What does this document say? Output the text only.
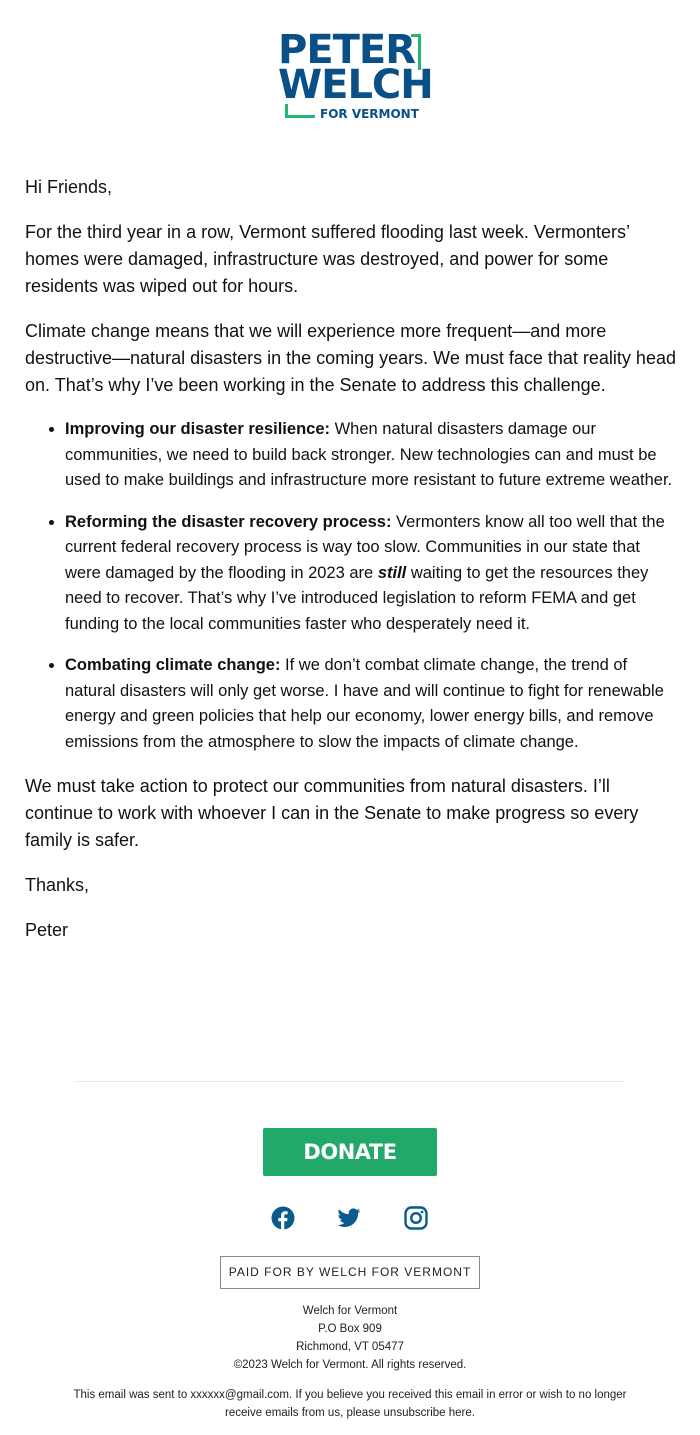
PETER
WELCH
FOR VERMONT

Hi Friends,

For the third year in a row, Vermont suffered flooding last week. Vermonters’ homes were damaged, infrastructure was destroyed, and power for some residents was wiped out for hours.

Climate change means that we will experience more frequent—and more destructive—natural disasters in the coming years. We must face that reality head on. That’s why I’ve been working in the Senate to address this challenge.

• Improving our disaster resilience: When natural disasters damage our communities, we need to build back stronger. New technologies can and must be used to make buildings and infrastructure more resistant to future extreme weather.
• Reforming the disaster recovery process: Vermonters know all too well that the current federal recovery process is way too slow. Communities in our state that were damaged by the flooding in 2023 are still waiting to get the resources they need to recover. That’s why I’ve introduced legislation to reform FEMA and get funding to the local communities faster who desperately need it.
• Combating climate change: If we don’t combat climate change, the trend of natural disasters will only get worse. I have and will continue to fight for renewable energy and green policies that help our economy, lower energy bills, and remove emissions from the atmosphere to slow the impacts of climate change.

We must take action to protect our communities from natural disasters. I’ll continue to work with whoever I can in the Senate to make progress so every family is safer.

Thanks,

Peter

DONATE
PAID FOR BY WELCH FOR VERMONT
Welch for Vermont
P.O Box 909
Richmond, VT 05477
©2023 Welch for Vermont. All rights reserved.
This email was sent to xxxxxx@gmail.com. If you believe you received this email in error or wish to no longer receive emails from us, please unsubscribe here.
